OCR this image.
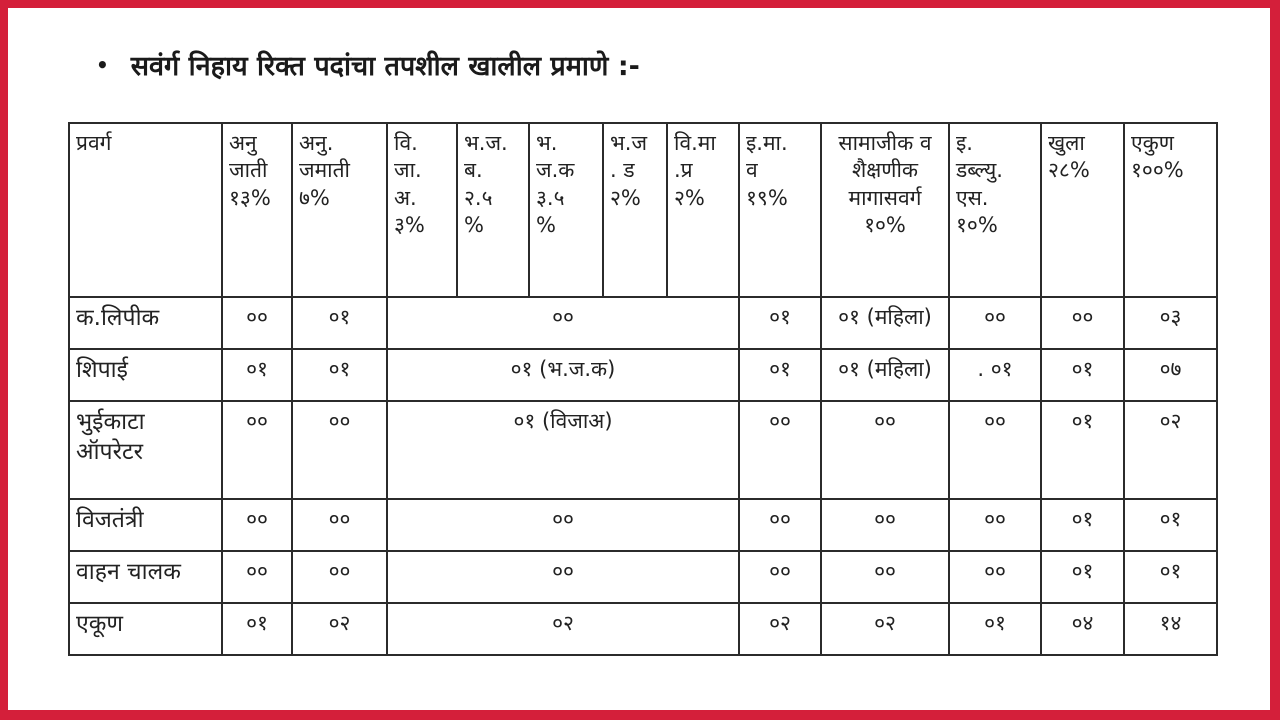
• सवंर्ग निहाय रिक्त पदांचा तपशील खालील प्रमाणे :-
प्रवर्ग	अनु
जाती
१३%	अनु.
जमाती
७%	वि.
जा.
अ.
३%	भ.ज.
ब.
२.५
%	भ.
ज.क
३.५
%	भ.ज
. ड
२%	वि.मा
.प्र
२%	इ.मा.
व
१९%	सामाजीक व
शैक्षणीक
मागासवर्ग
१०%	इ.
डब्ल्यु.
एस.
१०%	खुला
२८%	एकुण
१००%

क.लिपीक	००	०१	००					०१	०१ (महिला)	००	००	०३
शिपाई	०१	०१	०१ (भ.ज.क)					०१	०१ (महिला)	. ०१	०१	०७
भुईकाटा ऑपरेटर	००	००	०१ (विजाअ)					००	००	००	०१	०२
विजतंत्री	००	००	००					००	००	००	०१	०१
वाहन चालक	००	००	००					००	००	००	०१	०१
एकूण	०१	०२	०२					०२	०२	०१	०४	१४
